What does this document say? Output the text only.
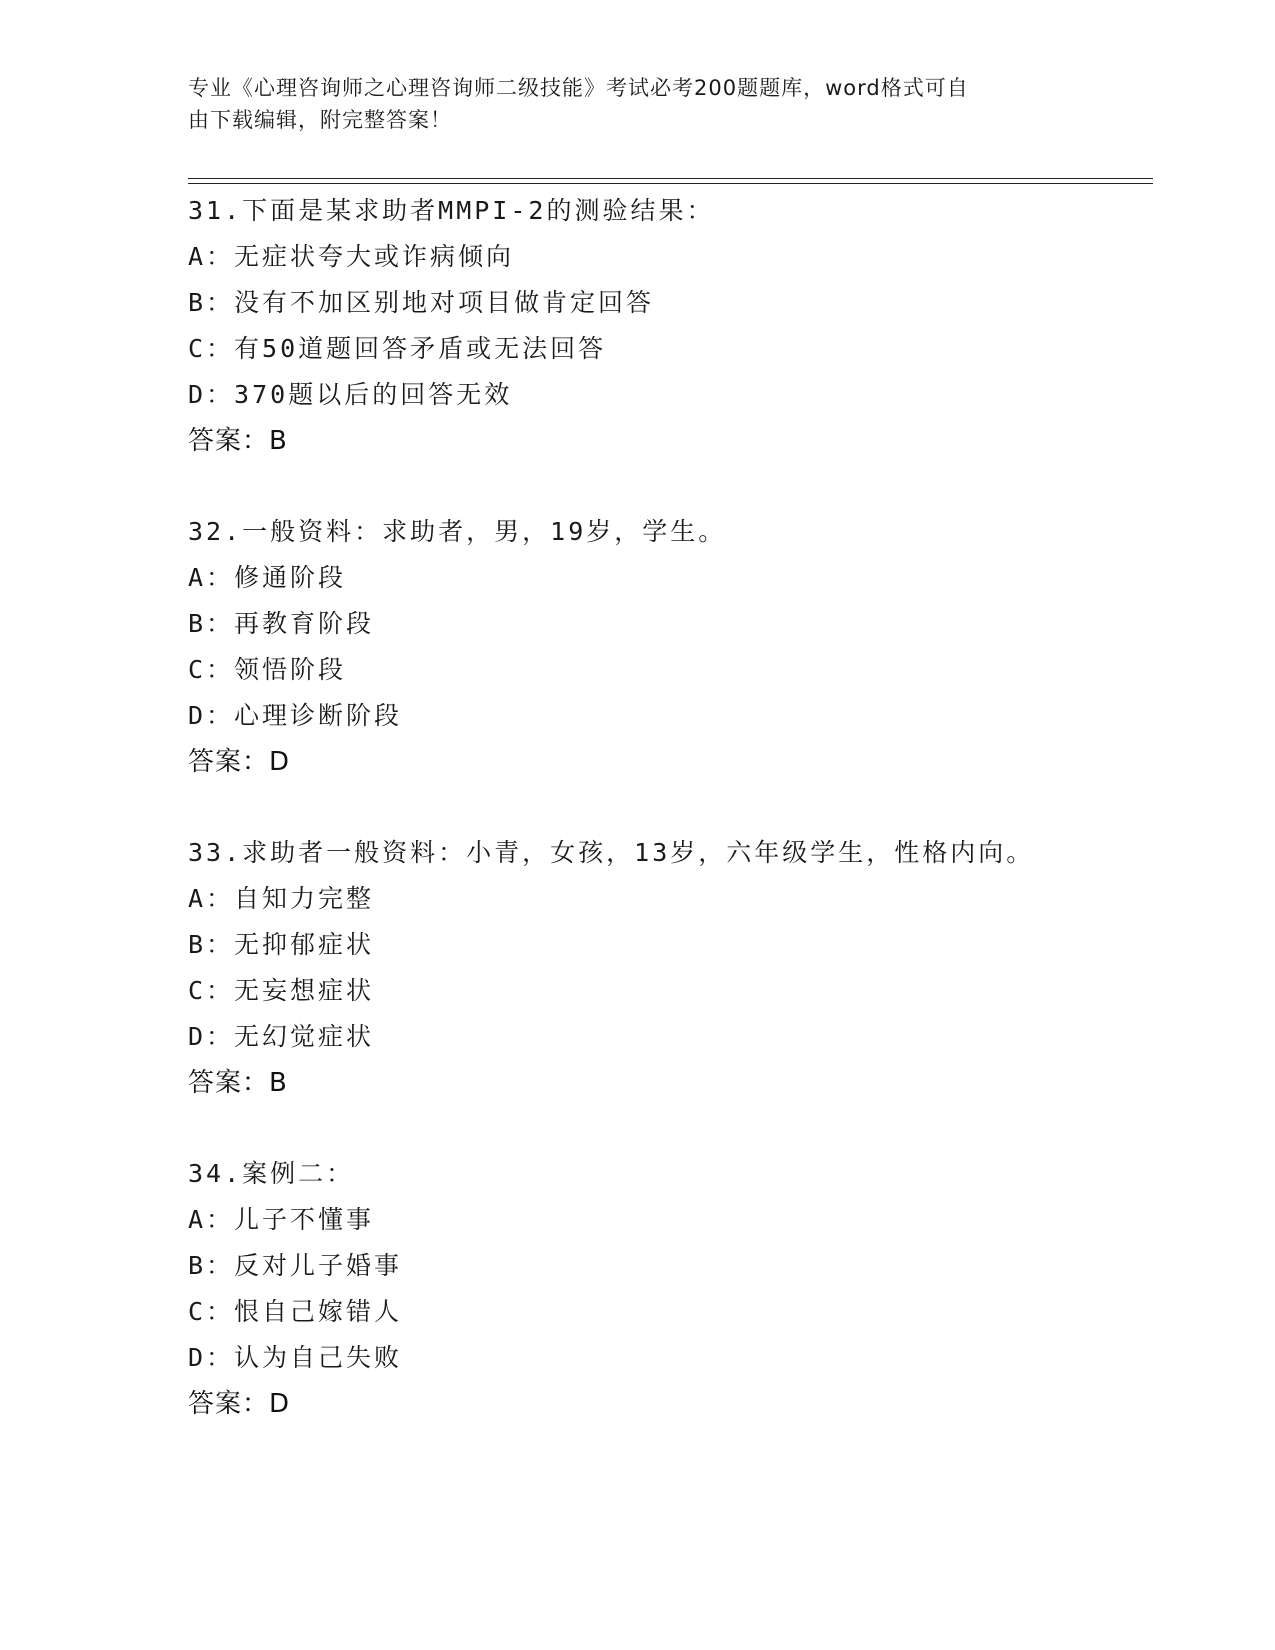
专业《心理咨询师之心理咨询师二级技能》考试必考200题题库，word格式可自
由下载编辑，附完整答案！
31.下面是某求助者MMPI-2的测验结果：
A：无症状夸大或诈病倾向
B：没有不加区别地对项目做肯定回答
C：有50道题回答矛盾或无法回答
D：370题以后的回答无效
答案：B
32.一般资料：求助者，男，19岁，学生。
A：修通阶段
B：再教育阶段
C：领悟阶段
D：心理诊断阶段
答案：D
33.求助者一般资料：小青，女孩，13岁，六年级学生，性格内向。
A：自知力完整
B：无抑郁症状
C：无妄想症状
D：无幻觉症状
答案：B
34.案例二：
A：儿子不懂事
B：反对儿子婚事
C：恨自己嫁错人
D：认为自己失败
答案：D
